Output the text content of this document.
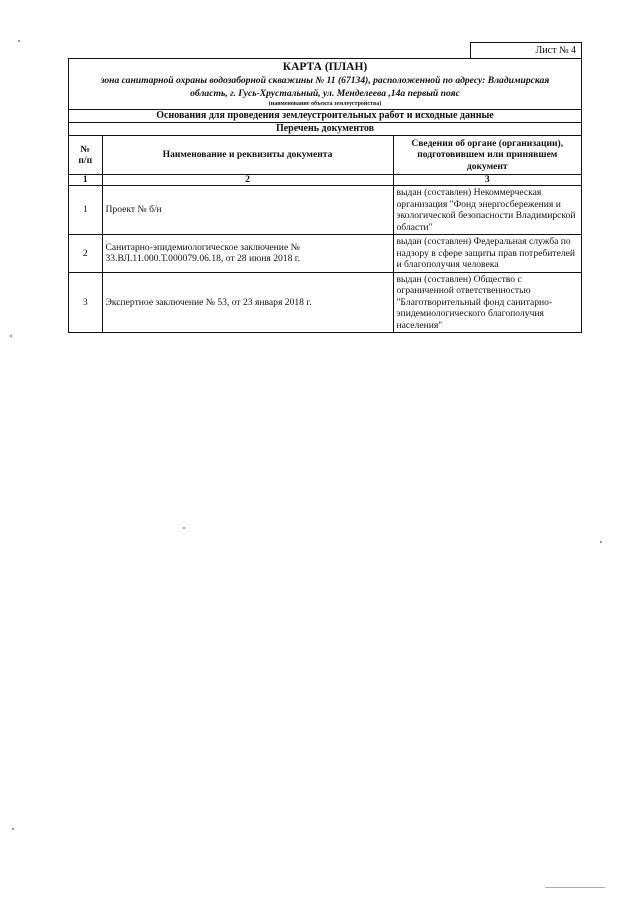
Лист № 4
КАРТА (ПЛАН)
зона санитарной охраны водозаборной скважины № 11 (67134), расположенной по адресу: Владимирская
область, г. Гусь-Хрустальный, ул. Менделеева ,14а первый пояс
(наименование объекта землеустройства)
Основания для проведения землеустроительных работ и исходные данные
Перечень документов
№
п/п	Наименование и реквизиты документа	Сведения об органе (организации), подготовившем или принявшем документ
1	2	3
1	Проект № б/н	выдан (составлен) Некоммерческая организация "Фонд энергосбережения и экологической безопасности Владимирской области"
2	Санитарно-эпидемиологическое заключение № 33.ВЛ.11.000.Т.000079.06.18, от 28 июня 2018 г.	выдан (составлен) Федеральная служба по надзору в сфере защиты прав потребителей и благополучия человека
3	Экспертное заключение № 53, от 23 января 2018 г.	выдан (составлен) Общество с ограниченной ответственностью "Благотворительный фонд санитарно-эпидемиологического благополучия населения"
